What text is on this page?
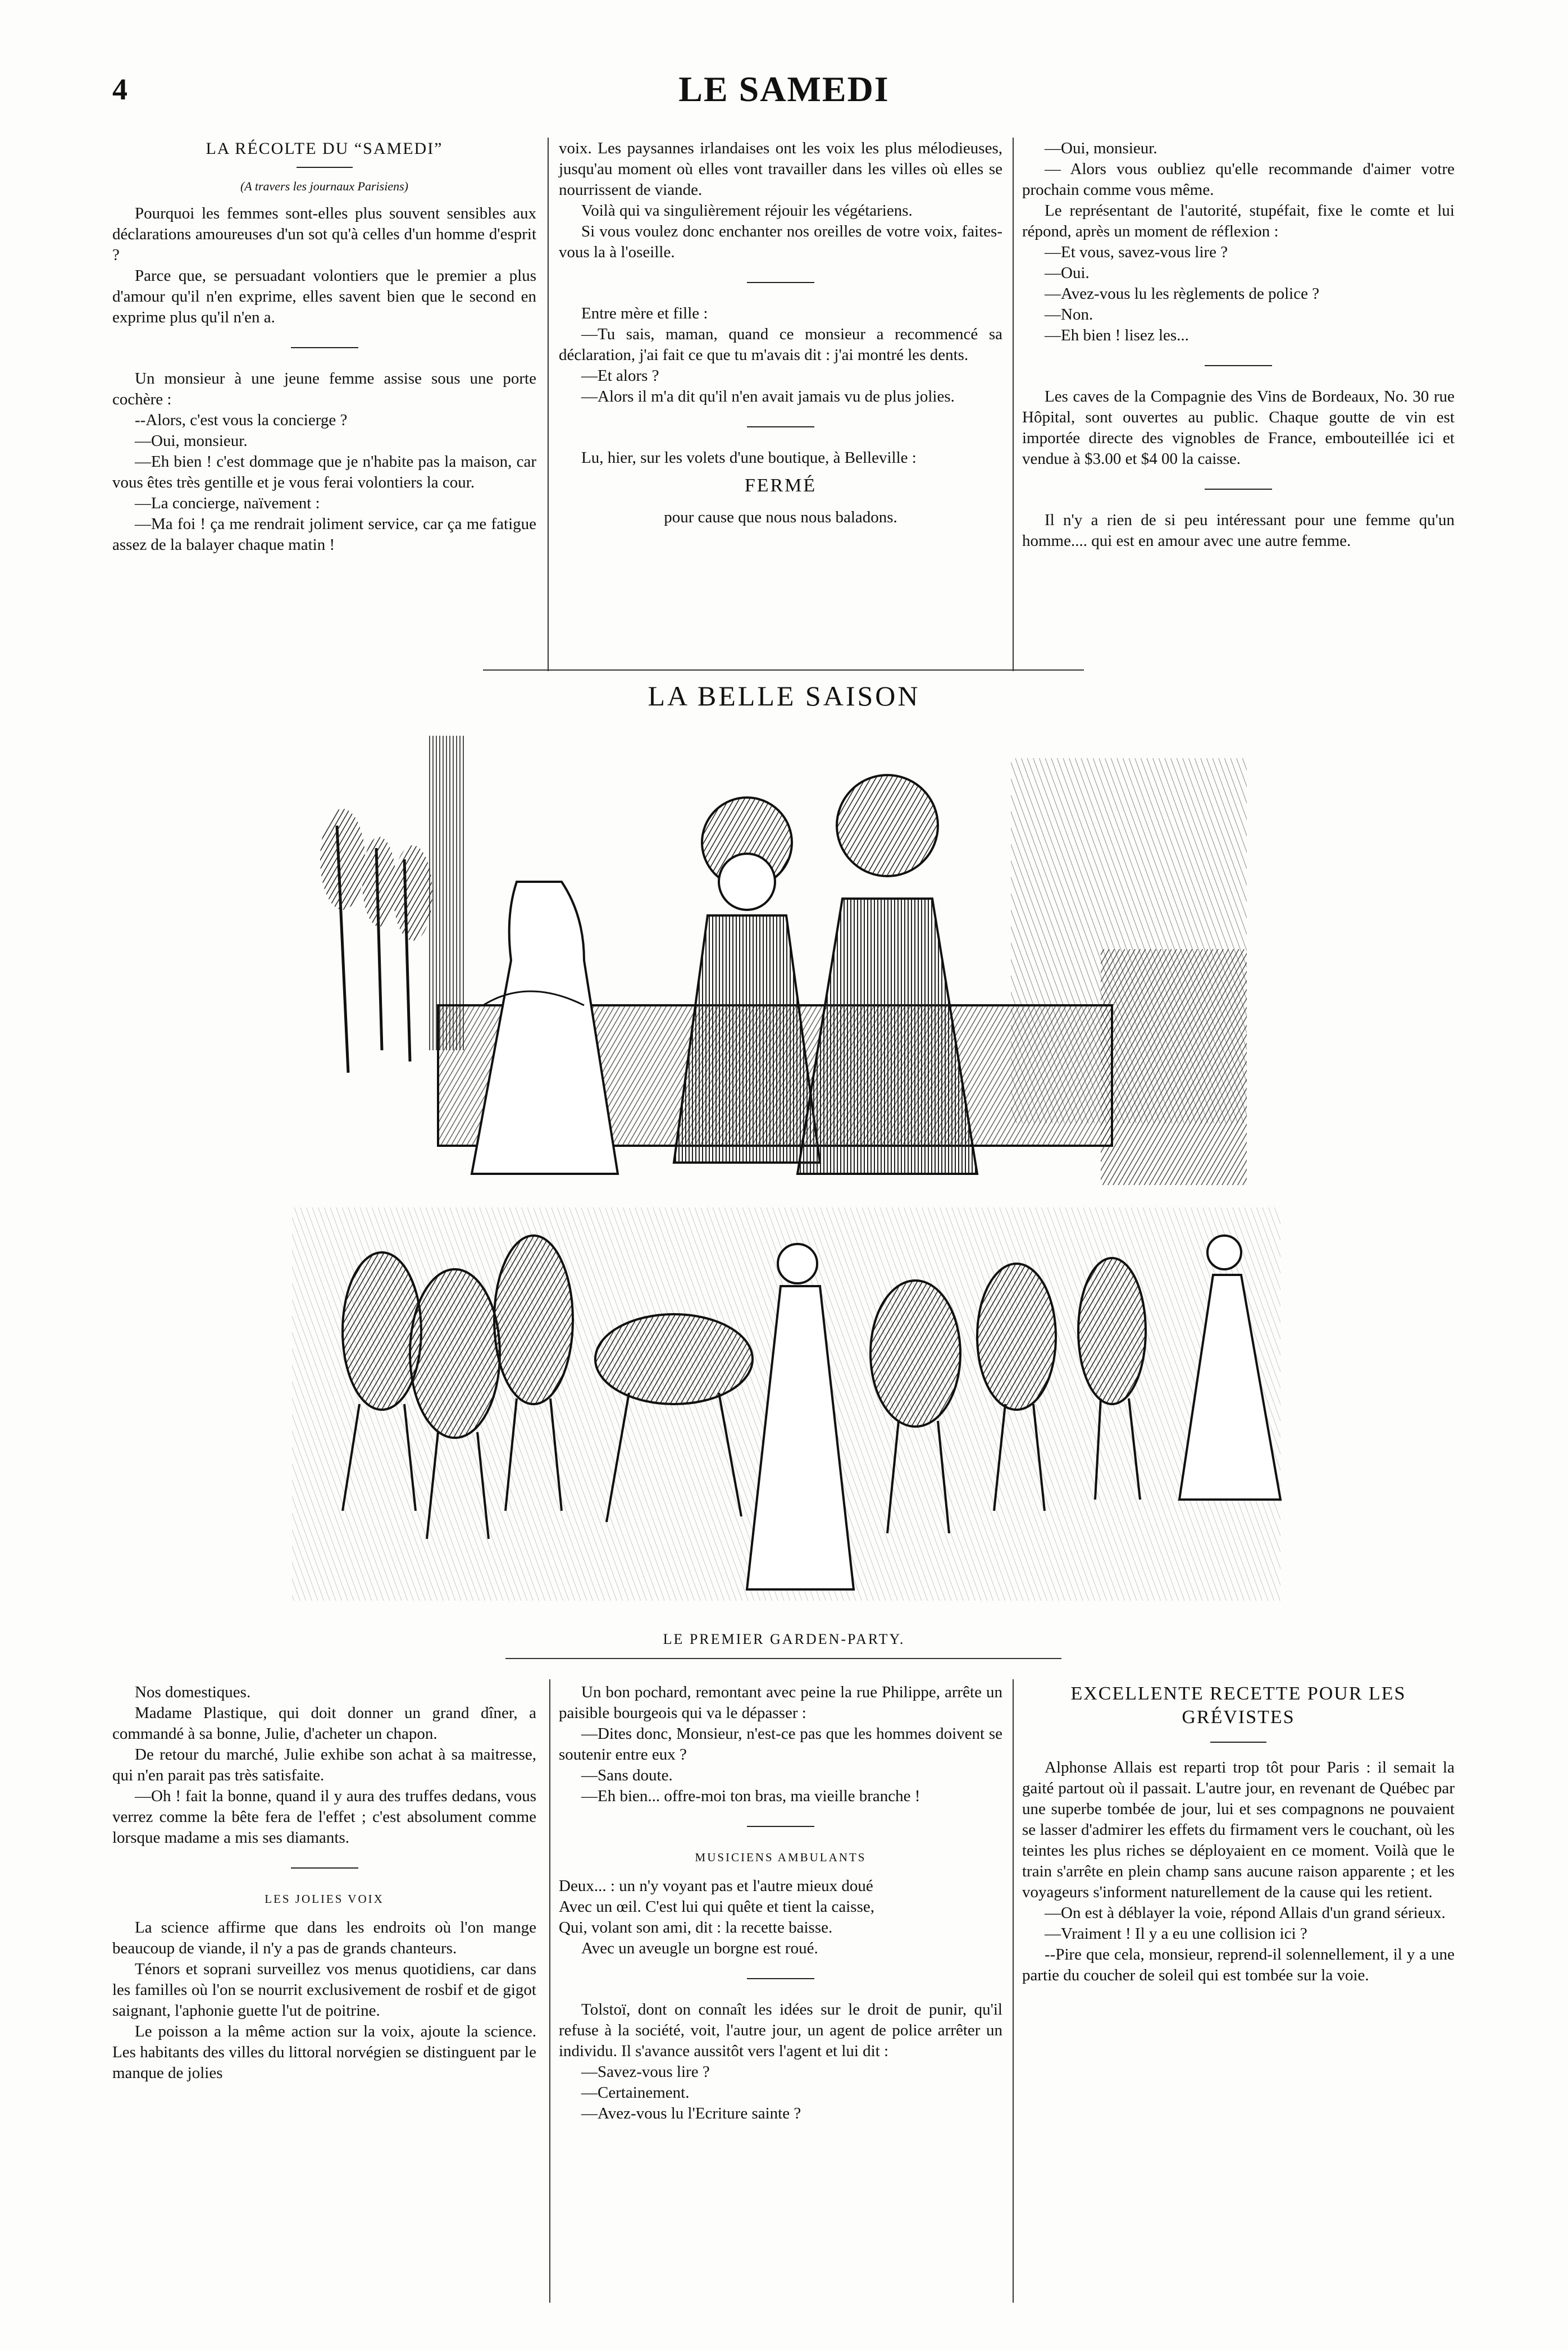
4	LE SAMEDI

LA RÉCOLTE DU “SAMEDI”

(A travers les journaux Parisiens)

Pourquoi les femmes sont-elles plus souvent sensibles aux déclarations amoureuses d'un sot qu'à celles d'un homme d'esprit ?

Parce que, se persuadant volontiers que le premier a plus d'amour qu'il n'en exprime, elles savent bien que le second en exprime plus qu'il n'en a.

Un monsieur à une jeune femme assise sous une porte cochère :

--Alors, c'est vous la concierge ?

—Oui, monsieur.

—Eh bien ! c'est dommage que je n'habite pas la maison, car vous êtes très gentille et je vous ferai volontiers la cour.

—La concierge, naïvement :

—Ma foi ! ça me rendrait joliment service, car ça me fatigue assez de la balayer chaque matin !

voix. Les paysannes irlandaises ont les voix les plus mélodieuses, jusqu'au moment où elles vont travailler dans les villes où elles se nourrissent de viande.

Voilà qui va singulièrement réjouir les végétariens.

Si vous voulez donc enchanter nos oreilles de votre voix, faites-vous la à l'oseille.

Entre mère et fille :

—Tu sais, maman, quand ce monsieur a recommencé sa déclaration, j'ai fait ce que tu m'avais dit : j'ai montré les dents.

—Et alors ?

—Alors il m'a dit qu'il n'en avait jamais vu de plus jolies.

Lu, hier, sur les volets d'une boutique, à Belleville :

FERMÉ

pour cause que nous nous baladons.

—Oui, monsieur.

— Alors vous oubliez qu'elle recommande d'aimer votre prochain comme vous même.

Le représentant de l'autorité, stupéfait, fixe le comte et lui répond, après un moment de réflexion :

—Et vous, savez-vous lire ?

—Oui.

—Avez-vous lu les règlements de police ?

—Non.

—Eh bien ! lisez les...

Les caves de la Compagnie des Vins de Bordeaux, No. 30 rue Hôpital, sont ouvertes au public. Chaque goutte de vin est importée directe des vignobles de France, embouteillée ici et vendue à $3.00 et $4 00 la caisse.

Il n'y a rien de si peu intéressant pour une femme qu'un homme.... qui est en amour avec une autre femme.

LA BELLE SAISON
LE PREMIER GARDEN-PARTY.

Nos domestiques.

Madame Plastique, qui doit donner un grand dîner, a commandé à sa bonne, Julie, d'acheter un chapon.

De retour du marché, Julie exhibe son achat à sa maitresse, qui n'en parait pas très satisfaite.

—Oh ! fait la bonne, quand il y aura des truffes dedans, vous verrez comme la bête fera de l'effet ; c'est absolument comme lorsque madame a mis ses diamants.

LES JOLIES VOIX

La science affirme que dans les endroits où l'on mange beaucoup de viande, il n'y a pas de grands chanteurs.

Ténors et soprani surveillez vos menus quotidiens, car dans les familles où l'on se nourrit exclusivement de rosbif et de gigot saignant, l'aphonie guette l'ut de poitrine.

Le poisson a la même action sur la voix, ajoute la science. Les habitants des villes du littoral norvégien se distinguent par le manque de jolies

Un bon pochard, remontant avec peine la rue Philippe, arrête un paisible bourgeois qui va le dépasser :

—Dites donc, Monsieur, n'est-ce pas que les hommes doivent se soutenir entre eux ?

—Sans doute.

—Eh bien... offre-moi ton bras, ma vieille branche !

MUSICIENS AMBULANTS

Deux... : un n'y voyant pas et l'autre mieux doué

Avec un œil. C'est lui qui quête et tient la caisse,

Qui, volant son ami, dit : la recette baisse.

Avec un aveugle un borgne est roué.

Tolstoï, dont on connaît les idées sur le droit de punir, qu'il refuse à la société, voit, l'autre jour, un agent de police arrêter un individu. Il s'avance aussitôt vers l'agent et lui dit :

—Savez-vous lire ?

—Certainement.

—Avez-vous lu l'Ecriture sainte ?

EXCELLENTE RECETTE POUR LES GRÉVISTES

Alphonse Allais est reparti trop tôt pour Paris : il semait la gaité partout où il passait. L'autre jour, en revenant de Québec par une superbe tombée de jour, lui et ses compagnons ne pouvaient se lasser d'admirer les effets du firmament vers le couchant, où les teintes les plus riches se déployaient en ce moment. Voilà que le train s'arrête en plein champ sans aucune raison apparente ; et les voyageurs s'informent naturellement de la cause qui les retient.

—On est à déblayer la voie, répond Allais d'un grand sérieux.

—Vraiment ! Il y a eu une collision ici ?

--Pire que cela, monsieur, reprend-il solennellement, il y a une partie du coucher de soleil qui est tombée sur la voie.
